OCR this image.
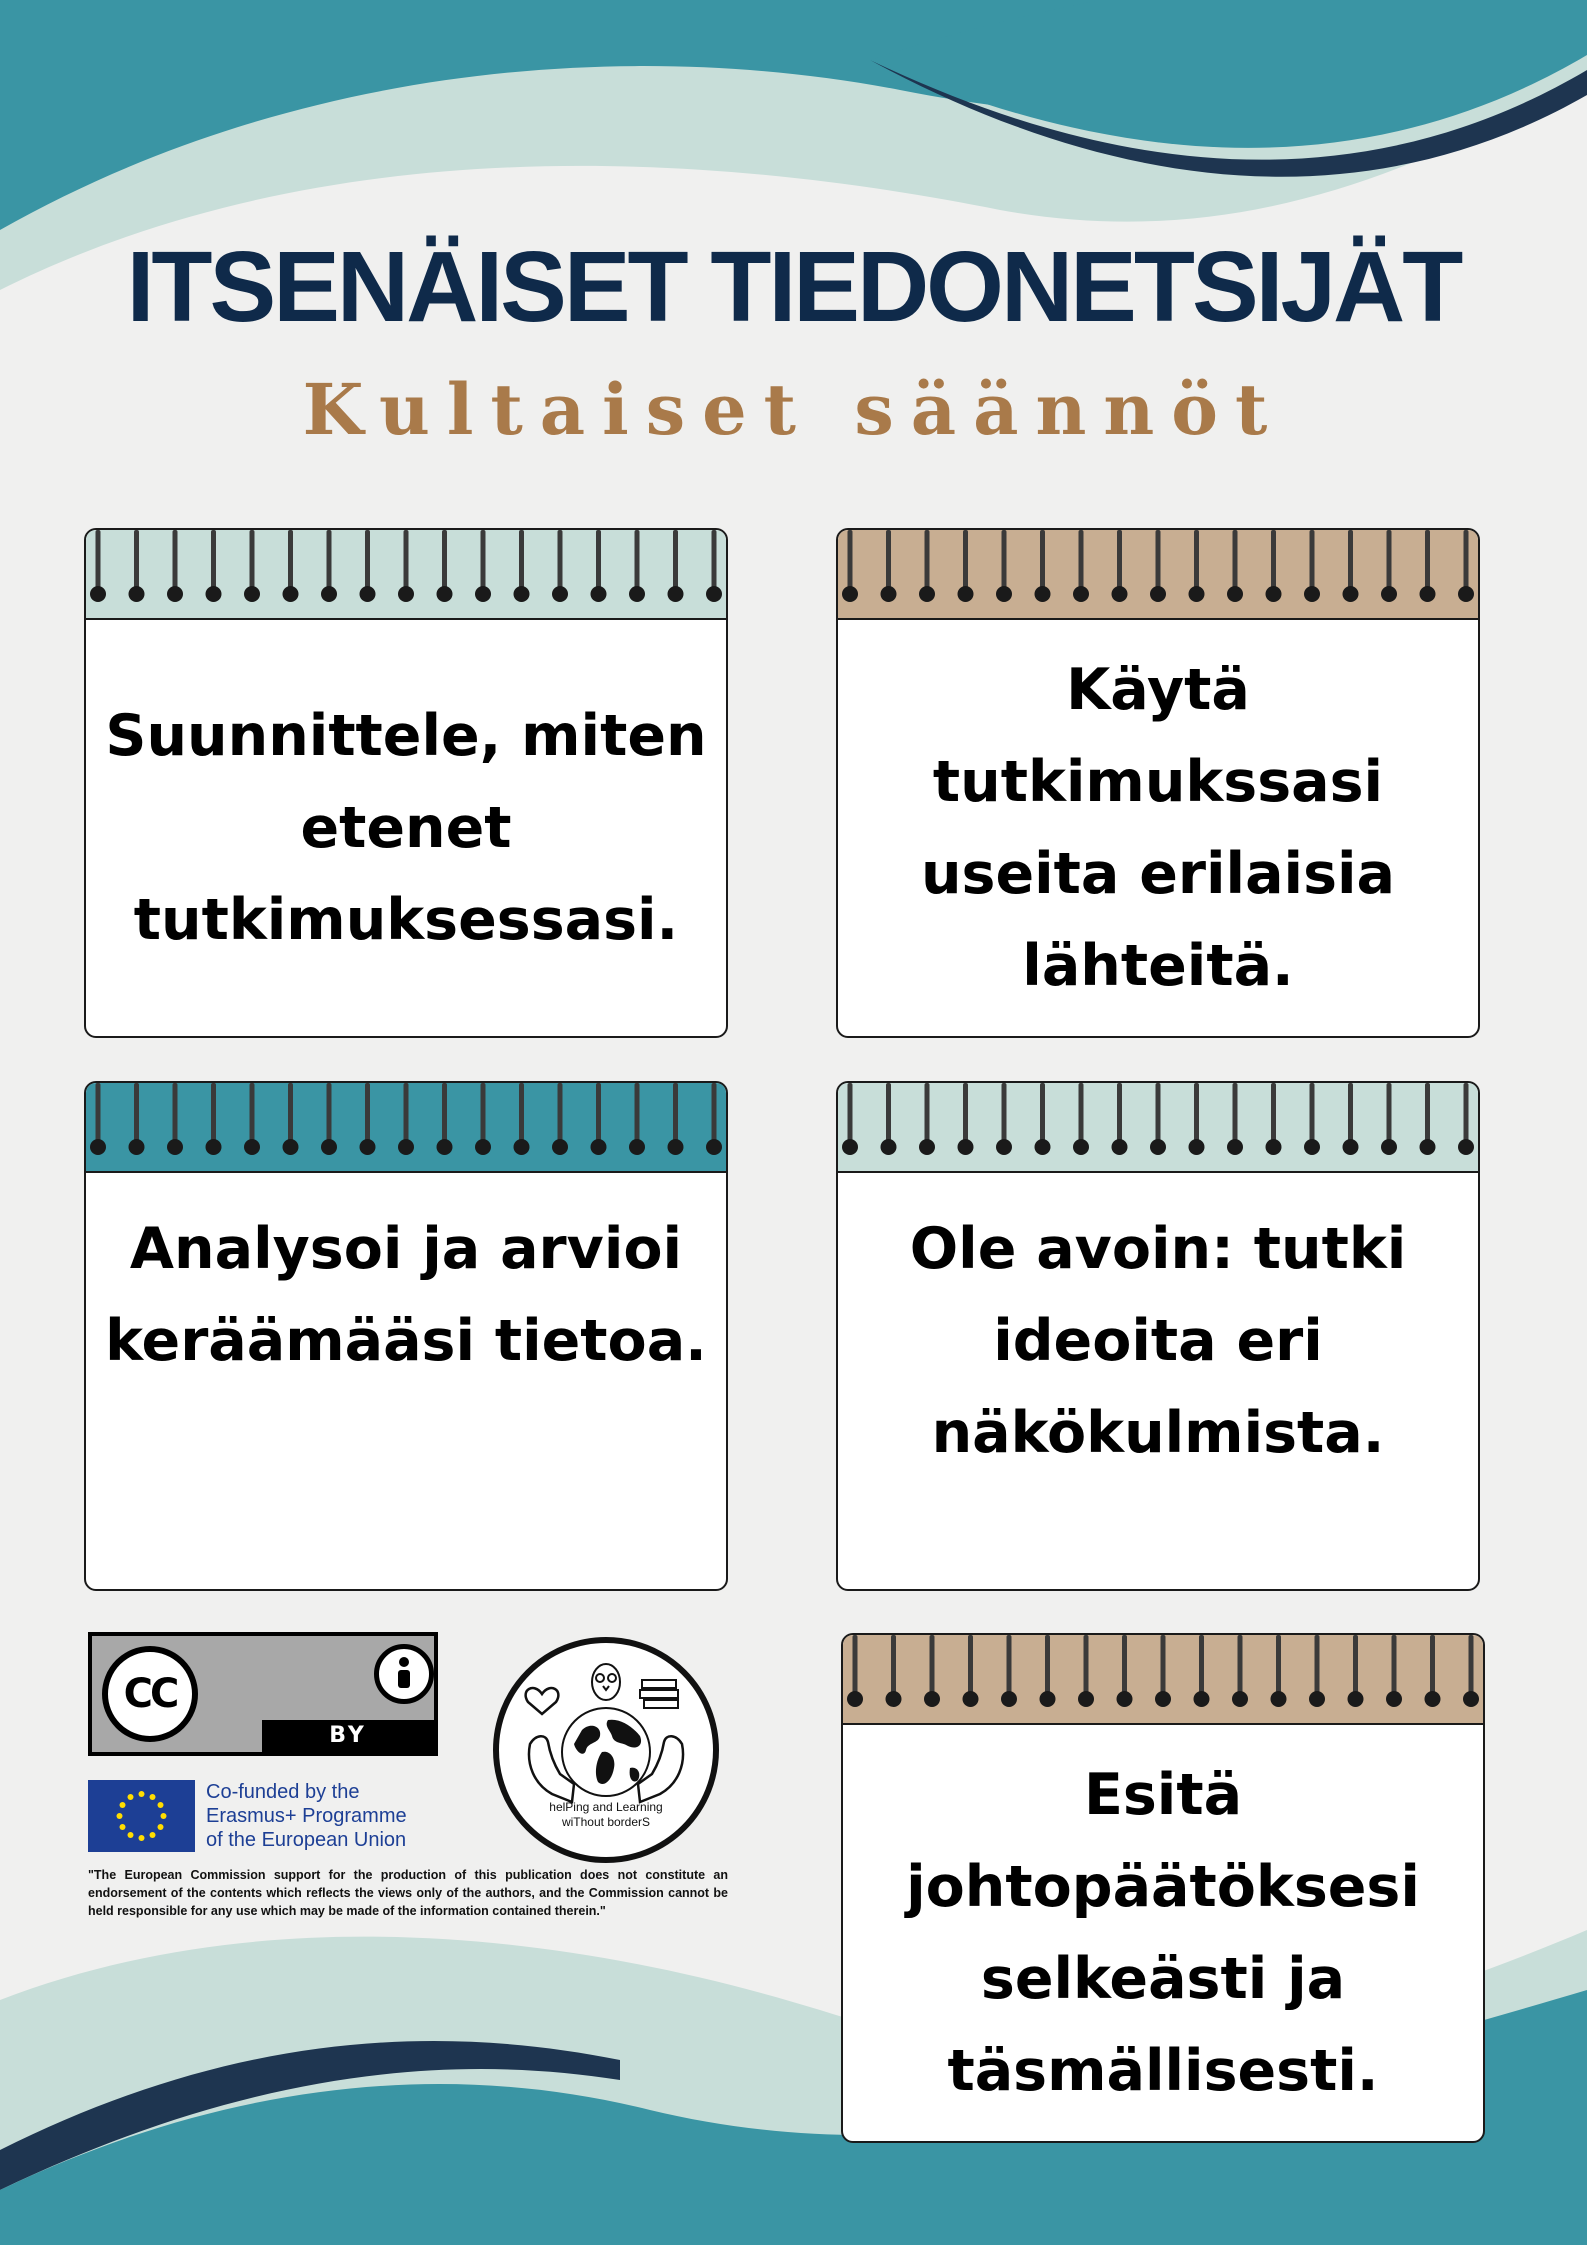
ITSENÄISET TIEDONETSIJÄT
Kultaiset säännöt
Suunnittele, miten etenet tutkimuksessasi.
Käytä tutkimukssasi useita erilaisia lähteitä.
Analysoi ja arvioi keräämääsi tietoa.
Ole avoin: tutki ideoita eri näkökulmista.
Esitä johtopäätöksesi selkeästi ja täsmällisesti.
CC
BY
Co-funded by the
Erasmus+ Programme
of the European Union
"The European Commission support for the production of this publication does not constitute an endorsement of the contents which reflects the views only of the authors, and the Commission cannot be held responsible for any use which may be made of the information contained therein."
helPing and Learning
wiThout borderS
